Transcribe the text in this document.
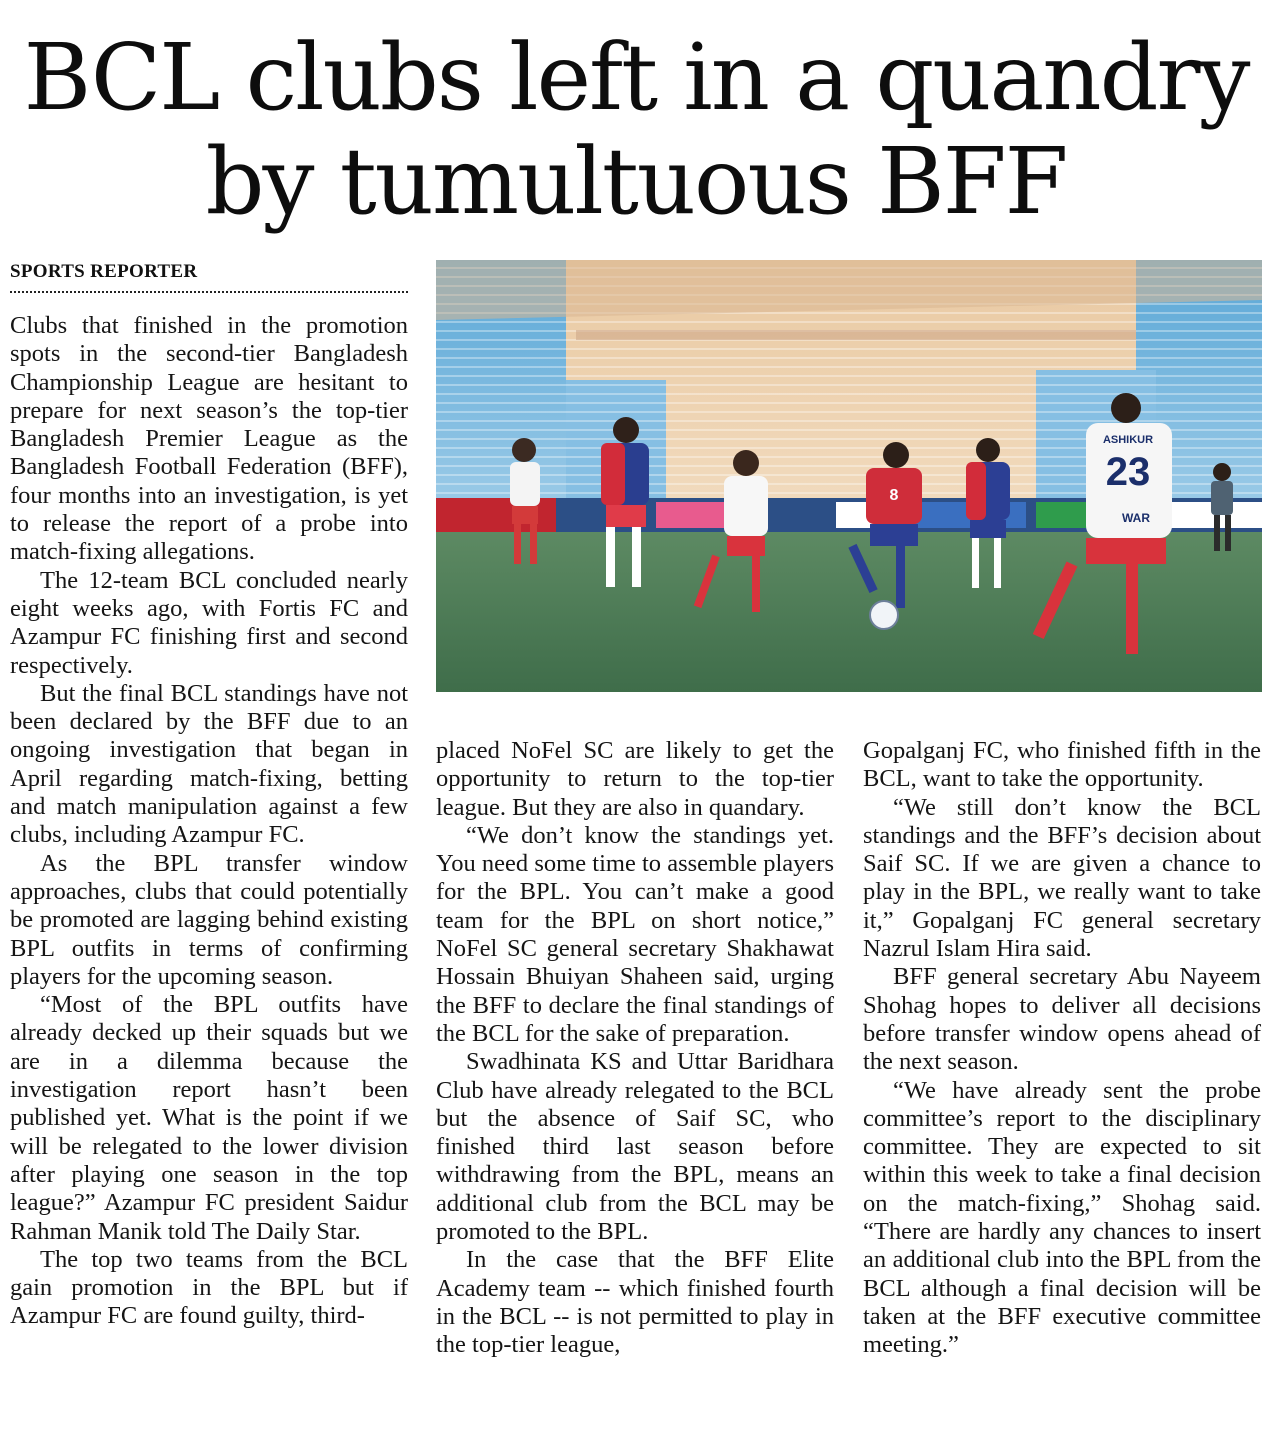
BCL clubs left in a quandry
by tumultuous BFF
SPORTS REPORTER

Clubs that finished in the promotion spots in the second-tier Bangladesh Championship League are hesitant to prepare for next season’s the top-tier Bangladesh Premier League as the Bangladesh Football Federation (BFF), four months into an investigation, is yet to release the report of a probe into match-fixing allegations.

The 12-team BCL concluded nearly eight weeks ago, with Fortis FC and Azampur FC finishing first and second respectively.

But the final BCL standings have not been declared by the BFF due to an ongoing investigation that began in April regarding match-fixing, betting and match manipulation against a few clubs, including Azampur FC.

As the BPL transfer window approaches, clubs that could potentially be promoted are lagging behind existing BPL outfits in terms of confirming players for the upcoming season.

“Most of the BPL outfits have already decked up their squads but we are in a dilemma because the investigation report hasn’t been published yet. What is the point if we will be relegated to the lower division after playing one season in the top league?” Azampur FC president Saidur Rahman Manik told The Daily Star.

The top two teams from the BCL gain promotion in the BPL but if Azampur FC are found guilty, third-

8
ASHIKUR
23
WAR

placed NoFel SC are likely to get the opportunity to return to the top-tier league. But they are also in quandary.

“We don’t know the standings yet. You need some time to assemble players for the BPL. You can’t make a good team for the BPL on short notice,” NoFel SC general secretary Shakhawat Hossain Bhuiyan Shaheen said, urging the BFF to declare the final standings of the BCL for the sake of preparation.

Swadhinata KS and Uttar Baridhara Club have already relegated to the BCL but the absence of Saif SC, who finished third last season before withdrawing from the BPL, means an additional club from the BCL may be promoted to the BPL.

In the case that the BFF Elite Academy team -- which finished fourth in the BCL -- is not permitted to play in the top-tier league,

Gopalganj FC, who finished fifth in the BCL, want to take the opportunity.

“We still don’t know the BCL standings and the BFF’s decision about Saif SC. If we are given a chance to play in the BPL, we really want to take it,” Gopalganj FC general secretary Nazrul Islam Hira said.

BFF general secretary Abu Nayeem Shohag hopes to deliver all decisions before transfer window opens ahead of the next season.

“We have already sent the probe committee’s report to the disciplinary committee. They are expected to sit within this week to take a final decision on the match-fixing,” Shohag said. “There are hardly any chances to insert an additional club into the BPL from the BCL although a final decision will be taken at the BFF executive committee meeting.”
